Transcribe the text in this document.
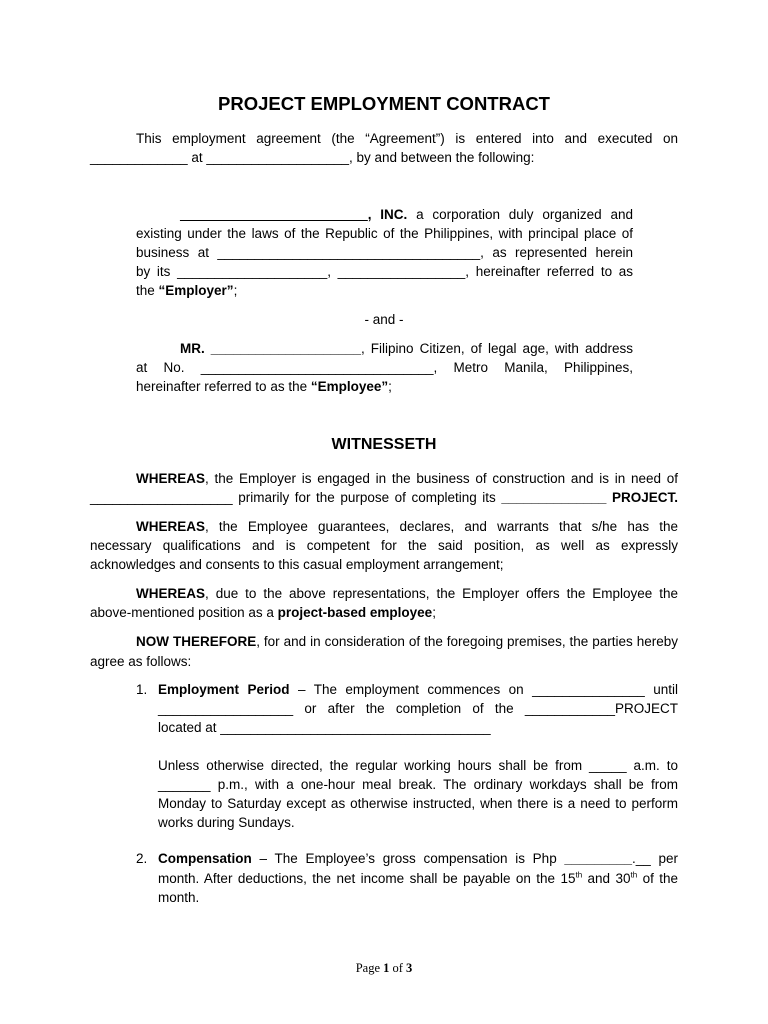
PROJECT EMPLOYMENT CONTRACT
This employment agreement (the “Agreement”) is entered into and executed on
_____________ at ___________________, by and between the following:
_________________________, INC. a corporation duly organized and
existing under the laws of the Republic of the Philippines, with principal place of
business at ___________________________________, as represented herein
by its ____________________, _________________, hereinafter referred to as
the “Employer”;
- and -
MR. ____________________, Filipino Citizen, of legal age, with address
at No. _______________________________, Metro Manila, Philippines,
hereinafter referred to as the “Employee”;
WITNESSETH
WHEREAS, the Employer is engaged in the business of construction and is in need of
___________________ primarily for the purpose of completing its ______________ PROJECT.
WHEREAS, the Employee guarantees, declares, and warrants that s/he has the
necessary qualifications and is competent for the said position, as well as expressly
acknowledges and consents to this casual employment arrangement;
WHEREAS, due to the above representations, the Employer offers the Employee the
above-mentioned position as a project-based employee;
NOW THEREFORE, for and in consideration of the foregoing premises, the parties hereby
agree as follows:
1. Employment Period – The employment commences on _______________ until
__________________ or after the completion of the ____________PROJECT
located at ____________________________________
Unless otherwise directed, the regular working hours shall be from _____ a.m. to
_______ p.m., with a one-hour meal break. The ordinary workdays shall be from
Monday to Saturday except as otherwise instructed, when there is a need to perform
works during Sundays.
2. Compensation – The Employee’s gross compensation is Php _________.__ per
month. After deductions, the net income shall be payable on the 15th and 30th of the
month.
Page 1 of 3
